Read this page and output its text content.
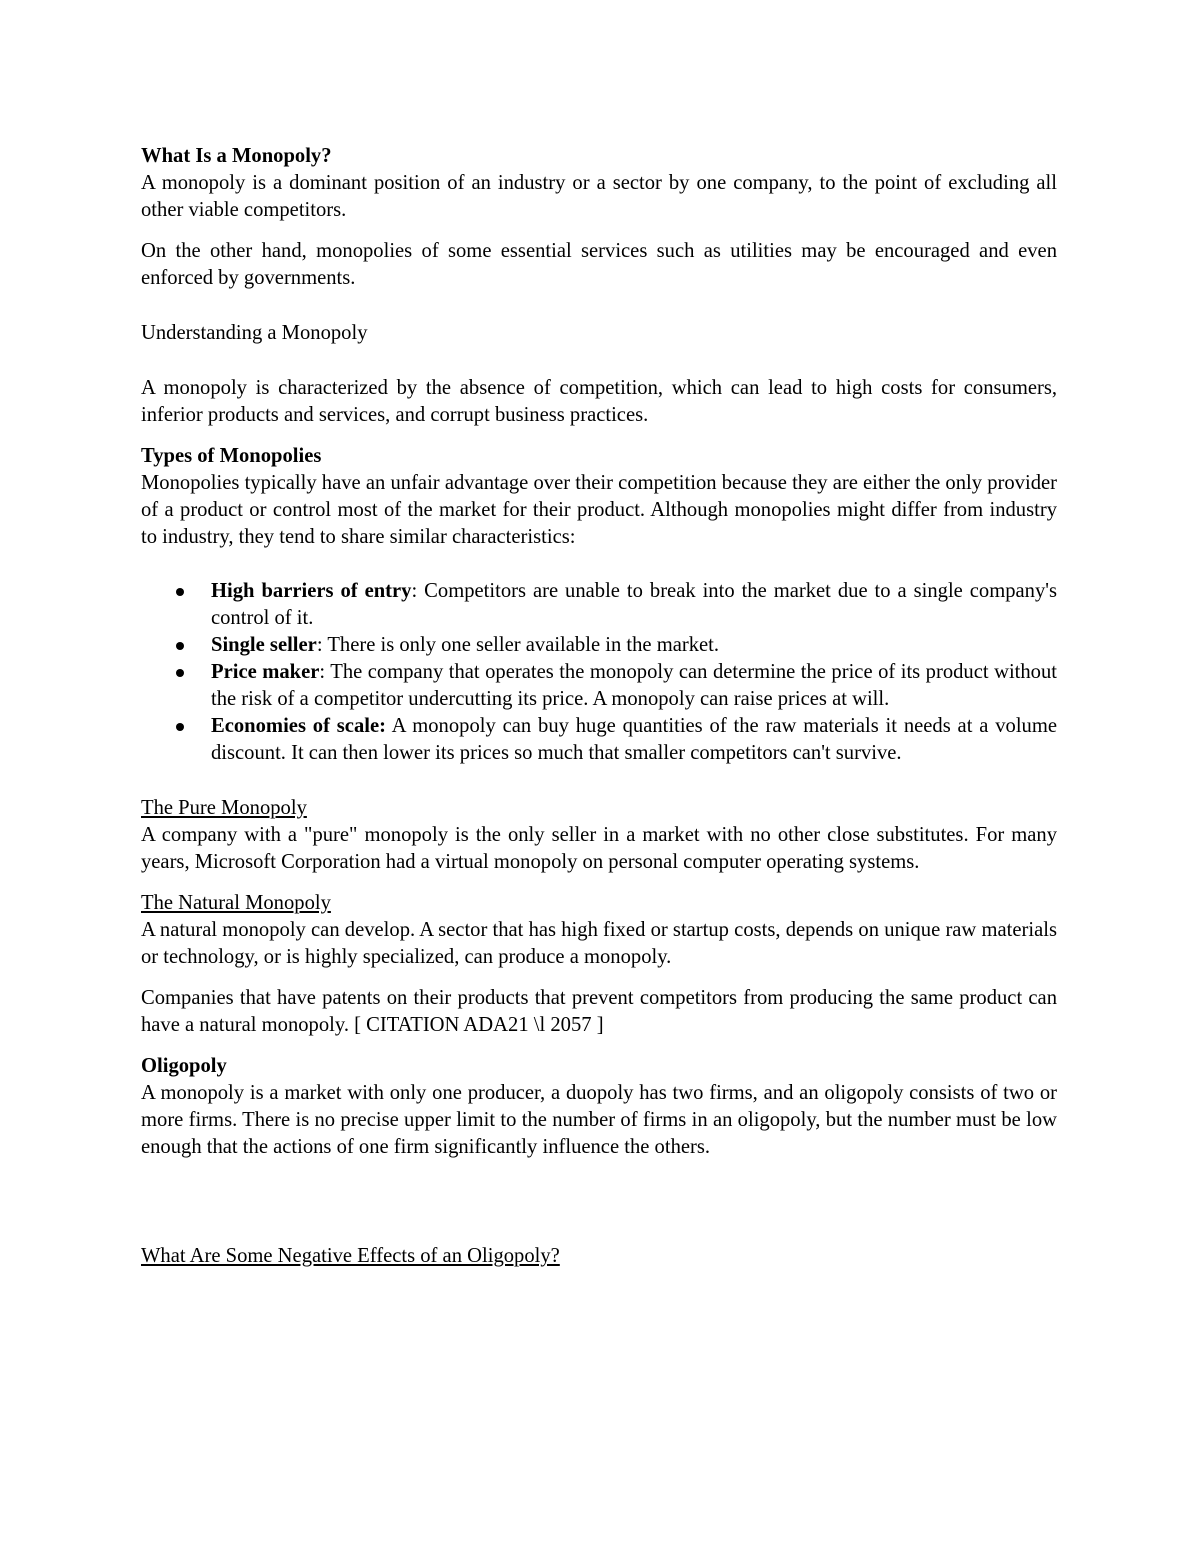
What Is a Monopoly?

A monopoly is a dominant position of an industry or a sector by one company, to the point of excluding all other viable competitors.

On the other hand, monopolies of some essential services such as utilities may be encouraged and even enforced by governments.

Understanding a Monopoly

A monopoly is characterized by the absence of competition, which can lead to high costs for consumers, inferior products and services, and corrupt business practices.

Types of Monopolies

Monopolies typically have an unfair advantage over their competition because they are either the only provider of a product or control most of the market for their product. Although monopolies might differ from industry to industry, they tend to share similar characteristics:

High barriers of entry: Competitors are unable to break into the market due to a single company's control of it.
Single seller: There is only one seller available in the market.
Price maker: The company that operates the monopoly can determine the price of its product without the risk of a competitor undercutting its price. A monopoly can raise prices at will.
Economies of scale: A monopoly can buy huge quantities of the raw materials it needs at a volume discount. It can then lower its prices so much that smaller competitors can't survive.

The Pure Monopoly

A company with a "pure" monopoly is the only seller in a market with no other close substitutes. For many years, Microsoft Corporation had a virtual monopoly on personal computer operating systems.

The Natural Monopoly

A natural monopoly can develop. A sector that has high fixed or startup costs, depends on unique raw materials or technology, or is highly specialized, can produce a monopoly.

Companies that have patents on their products that prevent competitors from producing the same product can have a natural monopoly. [ CITATION ADA21 \l 2057 ]

Oligopoly

A monopoly is a market with only one producer, a duopoly has two firms, and an oligopoly consists of two or more firms. There is no precise upper limit to the number of firms in an oligopoly, but the number must be low enough that the actions of one firm significantly influence the others.

What Are Some Negative Effects of an Oligopoly?
